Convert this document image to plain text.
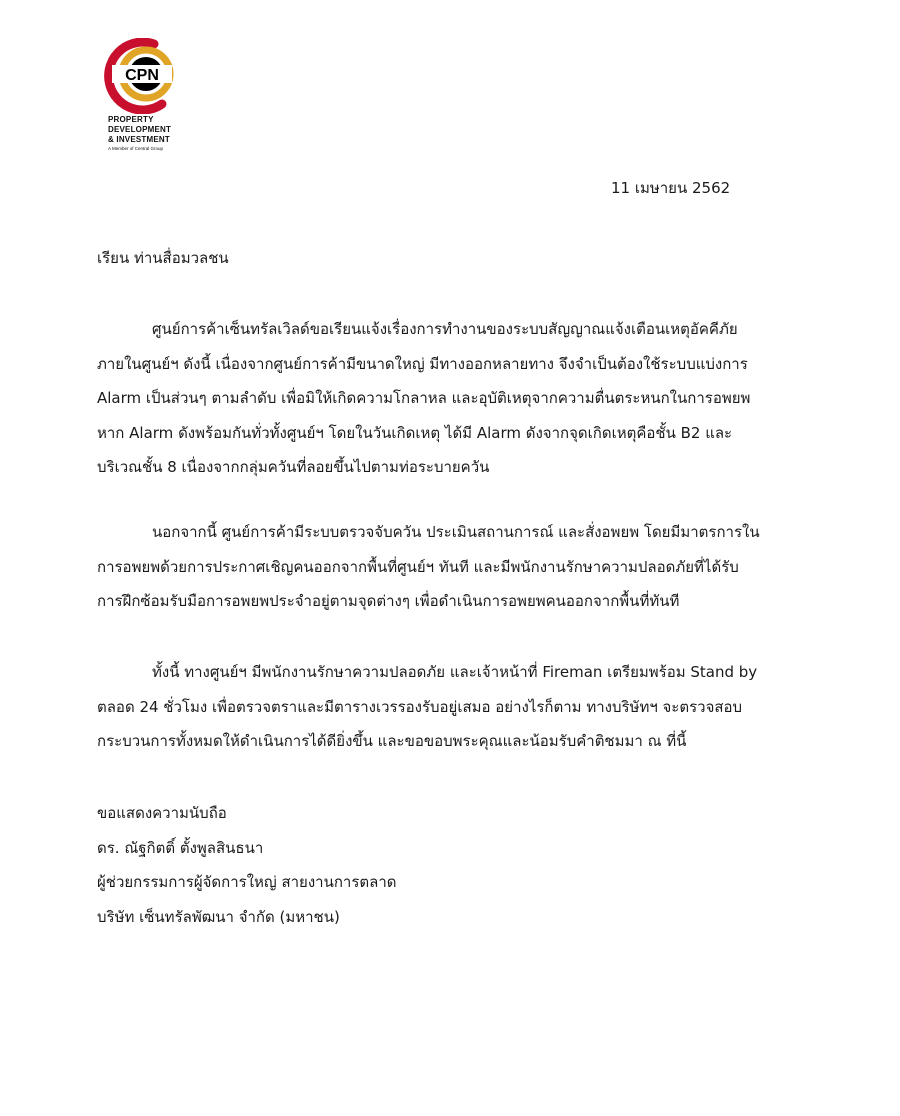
CPN
PROPERTY
DEVELOPMENT
& INVESTMENT
A Member of Central Group
11 เมษายน 2562
เรียน ท่านสื่อมวลชน
ศูนย์การค้าเซ็นทรัลเวิลด์ขอเรียนแจ้งเรื่องการทำงานของระบบสัญญาณแจ้งเตือนเหตุอัคคีภัย
ภายในศูนย์ฯ ดังนี้ เนื่องจากศูนย์การค้ามีขนาดใหญ่ มีทางออกหลายทาง จึงจำเป็นต้องใช้ระบบแบ่งการ
Alarm เป็นส่วนๆ ตามลำดับ เพื่อมิให้เกิดความโกลาหล และอุบัติเหตุจากความตื่นตระหนกในการอพยพ
หาก Alarm ดังพร้อมกันทั่วทั้งศูนย์ฯ โดยในวันเกิดเหตุ ได้มี Alarm ดังจากจุดเกิดเหตุคือชั้น B2 และ
บริเวณชั้น 8 เนื่องจากกลุ่มควันที่ลอยขึ้นไปตามท่อระบายควัน
นอกจากนี้ ศูนย์การค้ามีระบบตรวจจับควัน ประเมินสถานการณ์ และสั่งอพยพ โดยมีมาตรการใน
การอพยพด้วยการประกาศเชิญคนออกจากพื้นที่ศูนย์ฯ ทันที และมีพนักงานรักษาความปลอดภัยที่ได้รับ
การฝึกซ้อมรับมือการอพยพประจำอยู่ตามจุดต่างๆ เพื่อดำเนินการอพยพคนออกจากพื้นที่ทันที
ทั้งนี้ ทางศูนย์ฯ มีพนักงานรักษาความปลอดภัย และเจ้าหน้าที่ Fireman เตรียมพร้อม Stand by
ตลอด 24 ชั่วโมง เพื่อตรวจตราและมีตารางเวรรองรับอยู่เสมอ อย่างไรก็ตาม ทางบริษัทฯ จะตรวจสอบ
กระบวนการทั้งหมดให้ดำเนินการได้ดียิ่งขึ้น และขอขอบพระคุณและน้อมรับคำติชมมา ณ ที่นี้
ขอแสดงความนับถือ
ดร. ณัฐกิตติ์ ตั้งพูลสินธนา
ผู้ช่วยกรรมการผู้จัดการใหญ่ สายงานการตลาด
บริษัท เซ็นทรัลพัฒนา จำกัด (มหาชน)
